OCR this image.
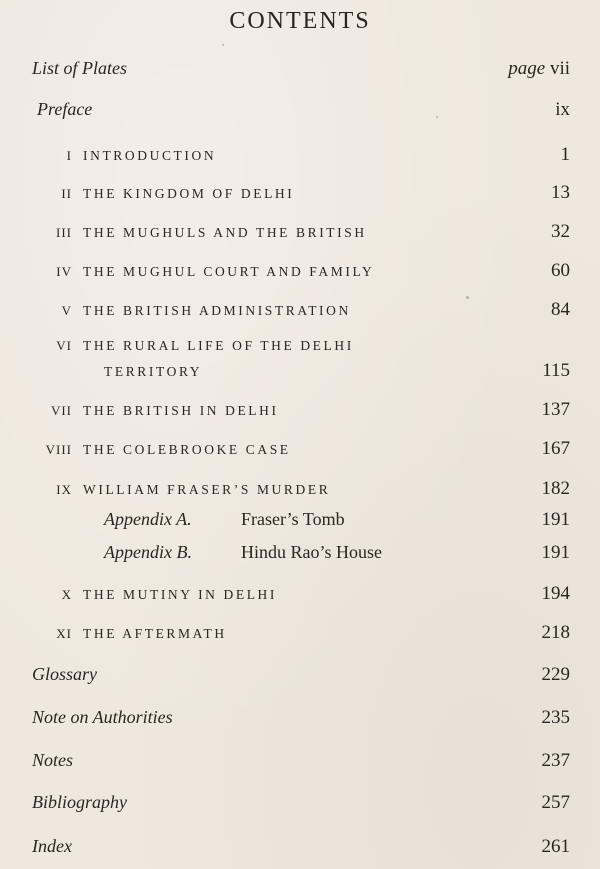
CONTENTS
List of Plates	page vii
Preface	ix
I INTRODUCTION	1
II THE KINGDOM OF DELHI	13
III THE MUGHULS AND THE BRITISH	32
IV THE MUGHUL COURT AND FAMILY	60
V THE BRITISH ADMINISTRATION	84
VI THE RURAL LIFE OF THE DELHI
TERRITORY	115
VII THE BRITISH IN DELHI	137
VIII THE COLEBROOKE CASE	167
IX WILLIAM FRASER’S MURDER	182
Appendix A.	Fraser’s Tomb	191
Appendix B.	Hindu Rao’s House	191
X THE MUTINY IN DELHI	194
XI THE AFTERMATH	218
Glossary	229
Note on Authorities	235
Notes	237
Bibliography	257
Index	261
